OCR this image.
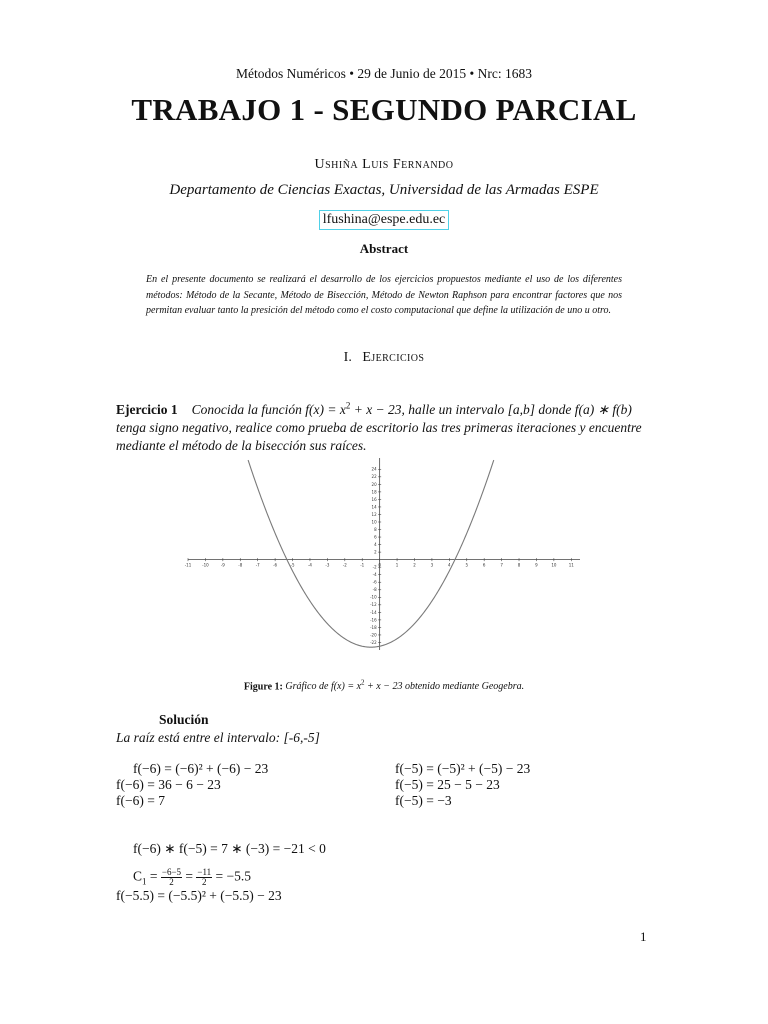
Métodos Numéricos • 29 de Junio de 2015 • Nrc: 1683
TRABAJO 1 - SEGUNDO PARCIAL
Ushiña Luis Fernando
Departamento de Ciencias Exactas, Universidad de las Armadas ESPE
lfushina@espe.edu.ec
Abstract
En el presente documento se realizará el desarrollo de los ejercicios propuestos mediante el uso de los diferentes métodos: Método de la Secante, Método de Bisección, Método de Newton Raphson para encontrar factores que nos permitan evaluar tanto la presición del método como el costo computacional que define la utilización de uno u otro.
I. Ejercicios
Ejercicio 1 Conocida la función $f(x) = x^2 + x - 23$, halle un intervalo [a,b] donde f(a) ∗ f(b) tenga signo negativo, realice como prueba de escritorio las tres primeras iteraciones y encuentre mediante el método de la bisección sus raíces.
-11	-10	-9	-8	-7	-6	-5	-4	-3	-2	-1	0	1	2	3	4	5	6	7	8	9	10	11
-22
-20
-18
-16
-14
-12
-10
-8
-6
-4
-2
2
4
6
8
10
12
14
16
18
20
22
24
Figure 1: Gráfico de $f(x) = x^2 + x - 23$ obtenido mediante Geogebra.
Solución
La raíz está entre el intervalo: [-6,-5]
f(−6) = (−6)² + (−6) − 23
f(−6) = 36 − 6 − 23
f(−6) = 7
f(−5) = (−5)² + (−5) − 23
f(−5) = 25 − 5 − 23
f(−5) = −3
f(−6) ∗ f(−5) = 7 ∗ (−3) = −21 < 0
$C_1 = \frac{-6-5}{2} = \frac{-11}{2} = -5.5$
f(−5.5) = (−5.5)² + (−5.5) − 23
1
